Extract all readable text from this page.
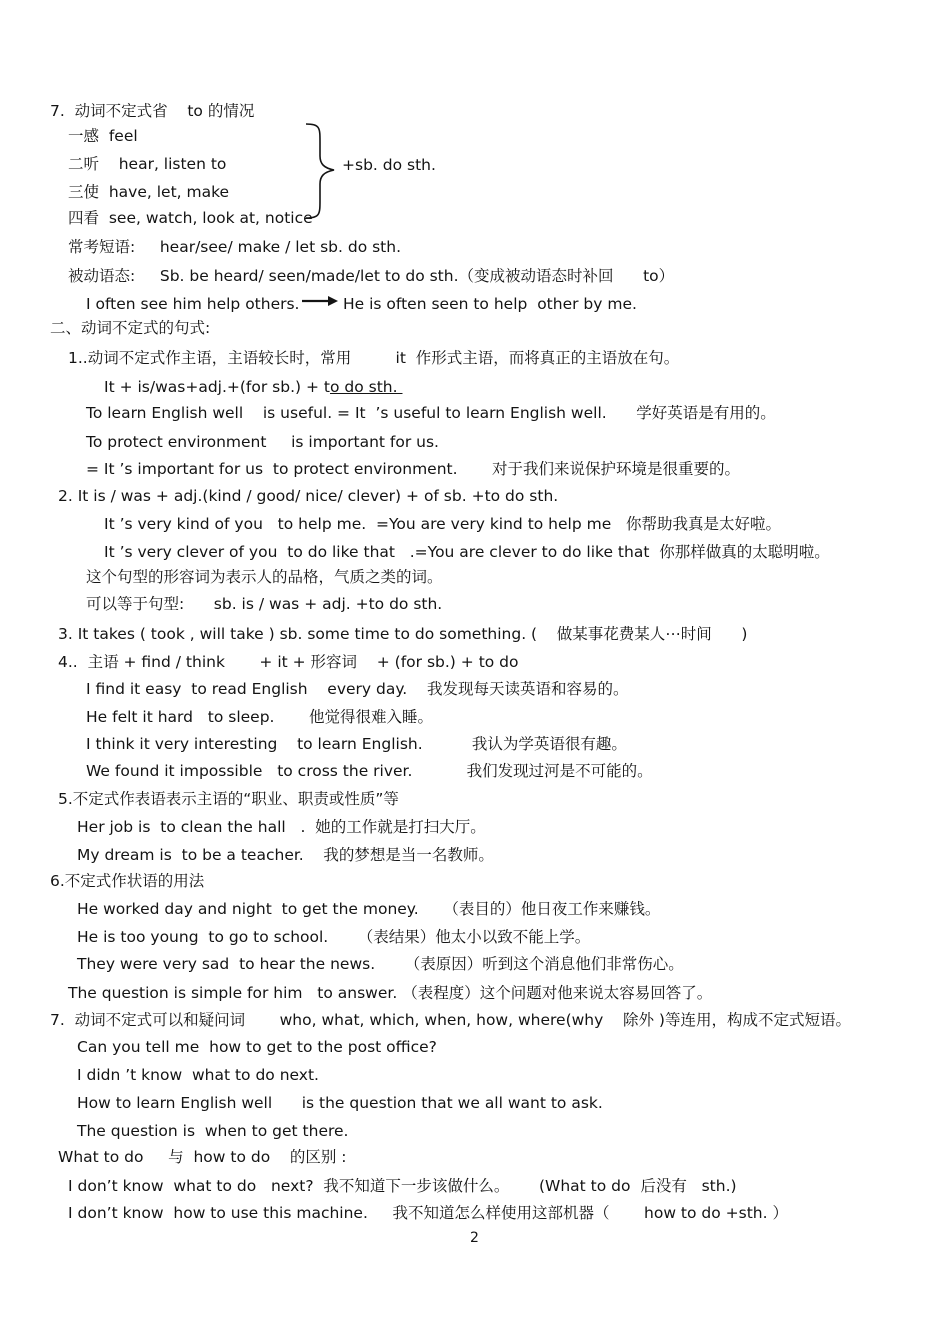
7.  动词不定式省    to 的情况
一感  feel
二听    hear, listen to
三使  have, let, make
四看  see, watch, look at, notice
+sb. do sth.
常考短语:     hear/see/ make / let sb. do sth.
被动语态:     Sb. be heard/ seen/made/let to do sth.（变成被动语态时补回      to）
I often see him help others.	He is often seen to help  other by me.
二、动词不定式的句式:
1..动词不定式作主语，主语较长时，常用         it  作形式主语，而将真正的主语放在句。
It + is/was+adj.+(for sb.) + to do sth.
To learn English well    is useful. = It  ’s useful to learn English well.      学好英语是有用的。
To protect environment     is important for us.
= It ’s important for us  to protect environment.       对于我们来说保护环境是很重要的。
2. It is / was + adj.(kind / good/ nice/ clever) + of sb. +to do sth.
It ’s very kind of you   to help me.  =You are very kind to help me   你帮助我真是太好啦。
It ’s very clever of you  to do like that   .=You are clever to do like that  你那样做真的太聪明啦。
这个句型的形容词为表示人的品格，气质之类的词。
可以等于句型:      sb. is / was + adj. +to do sth.
3. It takes ( took , will take ) sb. some time to do something. (    做某事花费某人⋯时间      )
4..  主语 + find / think       + it + 形容词    + (for sb.) + to do
I find it easy  to read English    every day.    我发现每天读英语和容易的。
He felt it hard   to sleep.       他觉得很难入睡。
I think it very interesting    to learn English.          我认为学英语很有趣。
We found it impossible   to cross the river.           我们发现过河是不可能的。
5.不定式作表语表示主语的“职业、职责或性质”等
Her job is  to clean the hall   .  她的工作就是打扫大厅。
My dream is  to be a teacher.    我的梦想是当一名教师。
6.不定式作状语的用法
He worked day and night  to get the money.     （表目的）他日夜工作来赚钱。
He is too young  to go to school.      （表结果）他太小以致不能上学。
They were very sad  to hear the news.      （表原因）听到这个消息他们非常伤心。
The question is simple for him   to answer. （表程度）这个问题对他来说太容易回答了。
7.  动词不定式可以和疑问词       who, what, which, when, how, where(why    除外 )等连用，构成不定式短语。
Can you tell me  how to get to the post office?
I didn ’t know  what to do next.
How to learn English well      is the question that we all want to ask.
The question is  when to get there.
What to do     与  how to do    的区别 :
I don’t know  what to do   next?  我不知道下一步该做什么。      (What to do  后没有   sth.)
I don’t know  how to use this machine.     我不知道怎么样使用这部机器（       how to do +sth. ）
2
